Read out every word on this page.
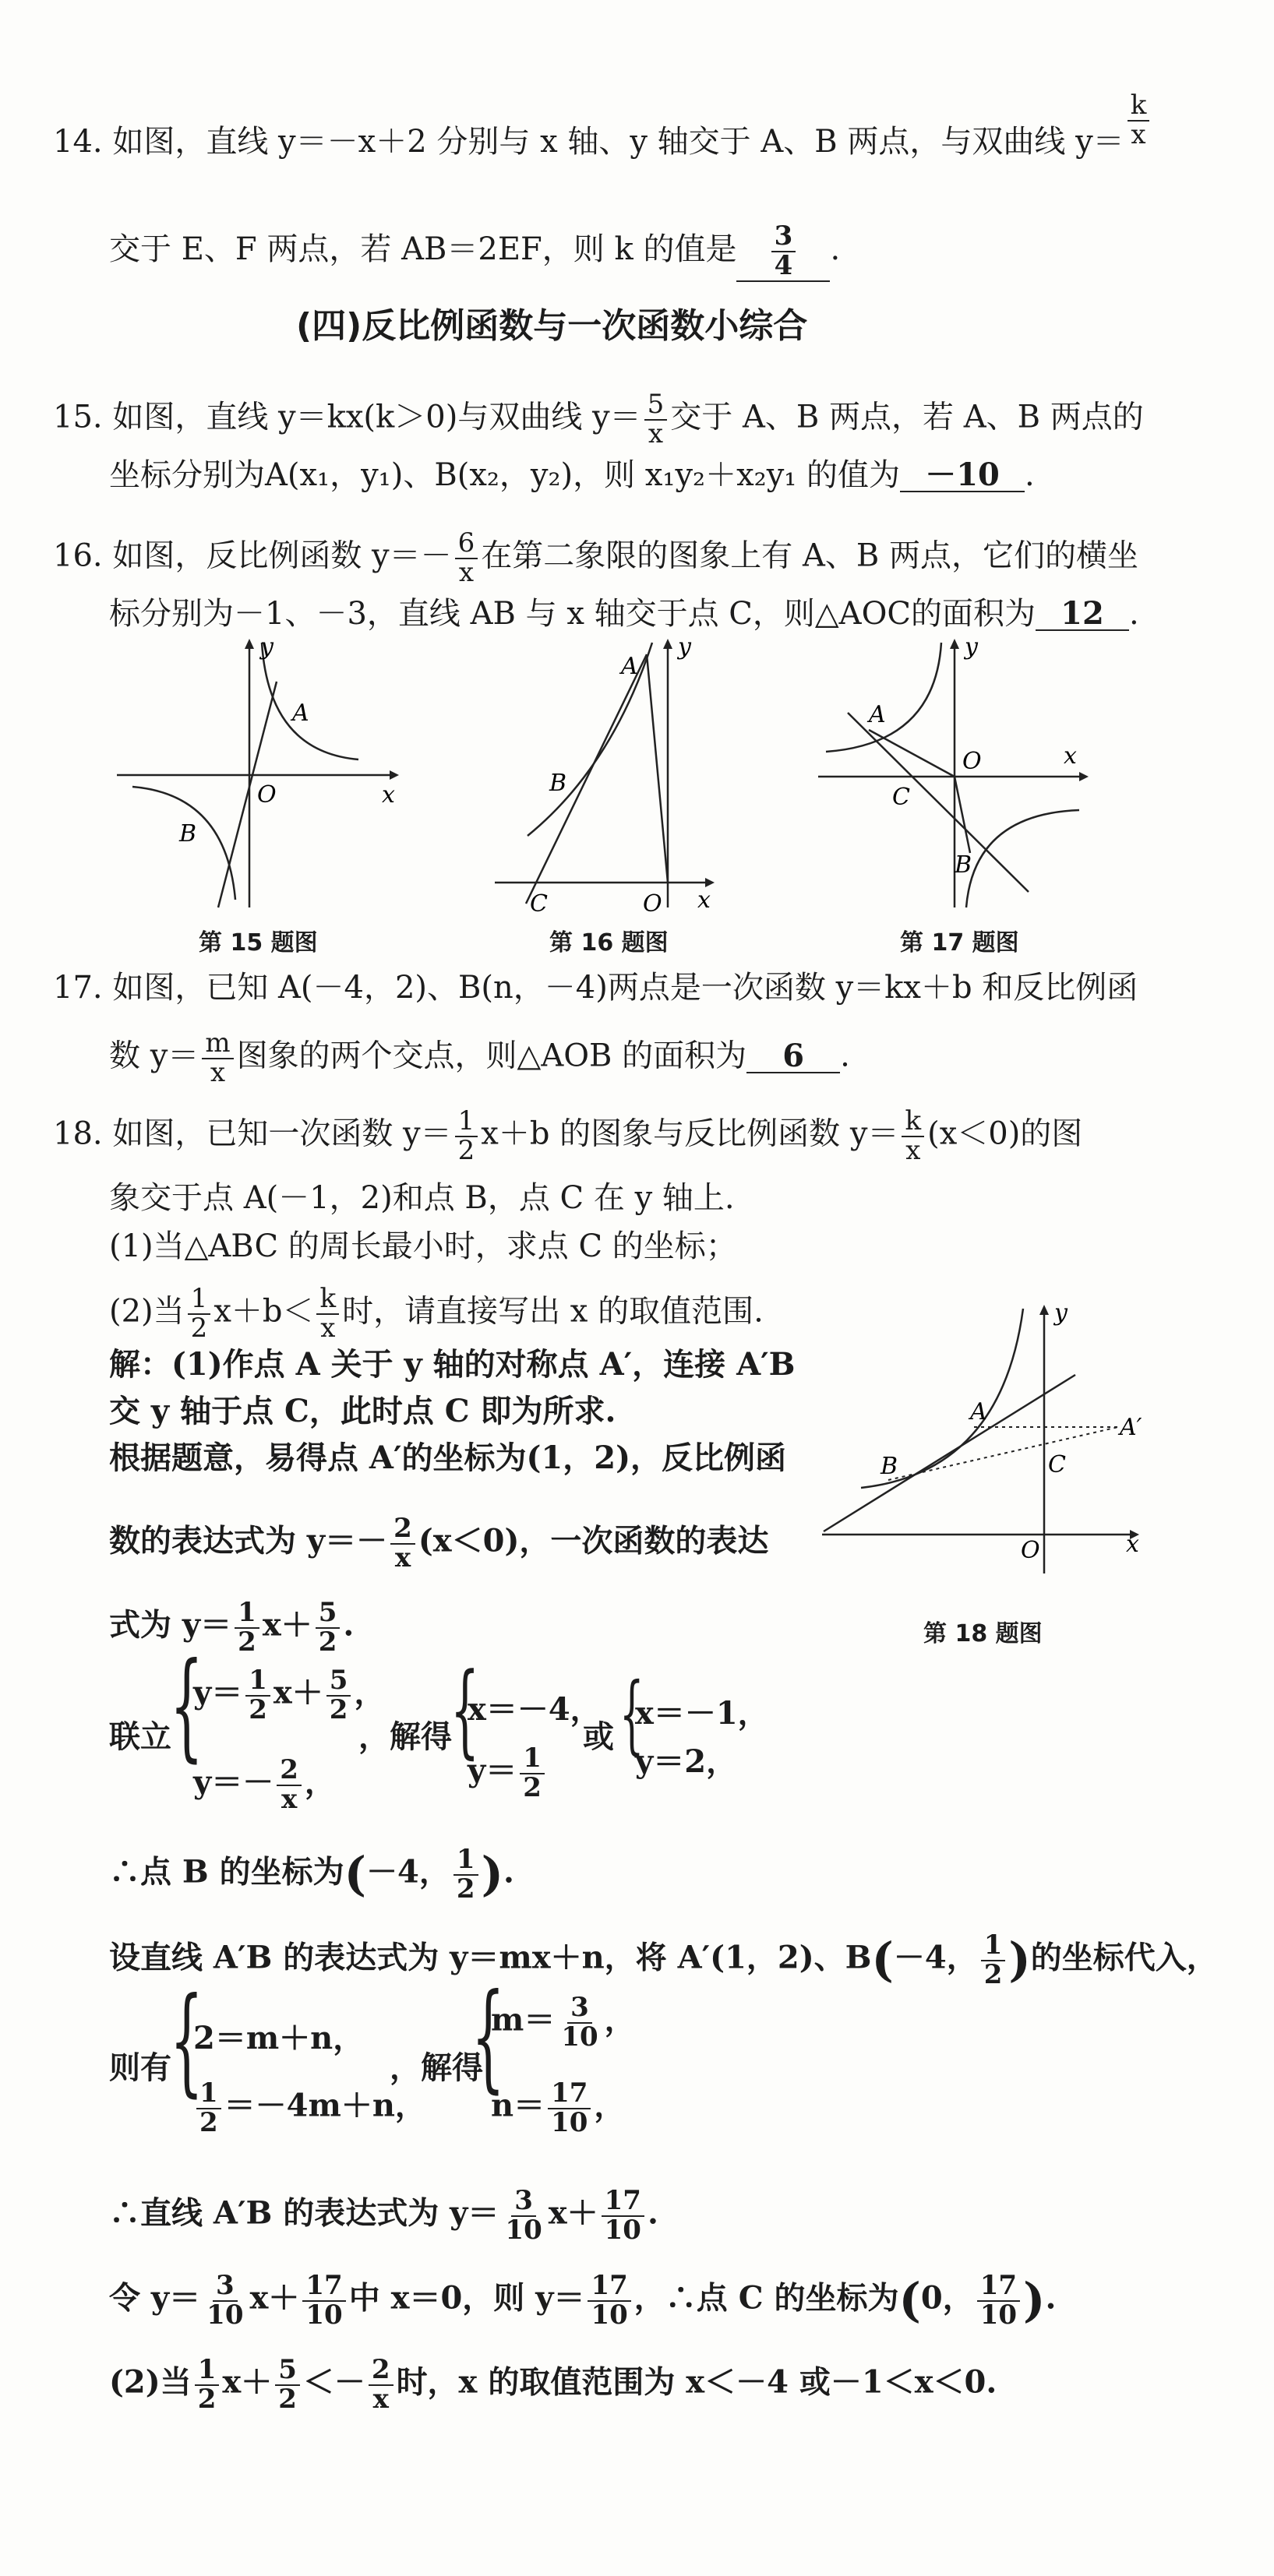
14. 如图，直线 y＝－x＋2 分别与 x 轴、y 轴交于 A、B 两点，与双曲线 $y= \frac{k}{x}$
交于 E、F 两点，若 AB＝2EF，则 k 的值是 $\frac{3}{4}$ .
(四)反比例函数与一次函数小综合
15. 如图，直线 y＝kx(k＞0)与双曲线 $y= \frac{5}{x}$ 交于 A、B 两点，若 A、B 两点的
坐标分别为A(x₁，y₁)、B(x₂，y₂)，则 x₁y₂＋x₂y₁ 的值为 －10 .
16. 如图，反比例函数 $y=- \frac{6}{x}$ 在第二象限的图象上有 A、B 两点，它们的横坐
标分别为－1、－3，直线 AB 与 x 轴交于点 C，则△AOC的面积为 12 .
y
x
O
A
B
第 15 题图
y
x
O
A
B
C
第 16 题图
y
x
O
A
B
C
第 17 题图
17. 如图，已知 A(－4，2)、B(n，－4)两点是一次函数 y＝kx＋b 和反比例函
数 $y= \frac{m}{x}$ 图象的两个交点，则△AOB 的面积为 6 .
18. 如图，已知一次函数 $y= \frac{1}{2} x+b$ 的图象与反比例函数 $y= \frac{k}{x} (x<0)$的图
象交于点 A(－1，2)和点 B，点 C 在 y 轴上.
(1)当△ABC 的周长最小时，求点 C 的坐标；
(2)当 $\frac{1}{2} x+b< \frac{k}{x}$ 时，请直接写出 x 的取值范围.	y
x
O
A
B	C
A′
第 18 题图
解：(1)作点 A 关于 y 轴的对称点 A′，连接 A′B
交 y 轴于点 C，此时点 C 即为所求.
根据题意，易得点 A′的坐标为(1，2)，反比例函
数的表达式为 $y=- \frac{2}{x} (x<0)$，一次函数的表达
式为 $y= \frac{1}{2} x+ \frac{5}{2}$ .
联立
{
$y= \frac{1}{2} x+ \frac{5}{2}$ ，
$y=- \frac{2}{x}$ ，
，解得
{
x＝－4，
$y= \frac{1}{2}$
或 {
x＝－1，
y＝2，
∴点 B 的坐标为(－4， $\frac{1}{2}$ ).
设直线 A′B 的表达式为 y＝mx＋n，将 A′(1，2)、B(－4， $\frac{1}{2}$ )的坐标代入，
则有
{
2＝m＋n，
$\frac{1}{2} =-4m+n$，
，解得
{
$m= \frac{3}{10}$ ，
$n= \frac{17}{10}$ ，
∴直线 A′B 的表达式为 $y= \frac{3}{10} x+ \frac{17}{10}$ .
令 $y= \frac{3}{10} x+ \frac{17}{10}$ 中 x＝0，则 $y= \frac{17}{10}$ ，∴点 C 的坐标为(0， $\frac{17}{10}$ ).
(2)当 $\frac{1}{2} x+ \frac{5}{2} <- \frac{2}{x}$ 时，x 的取值范围为 x＜－4 或－1＜x＜0.
